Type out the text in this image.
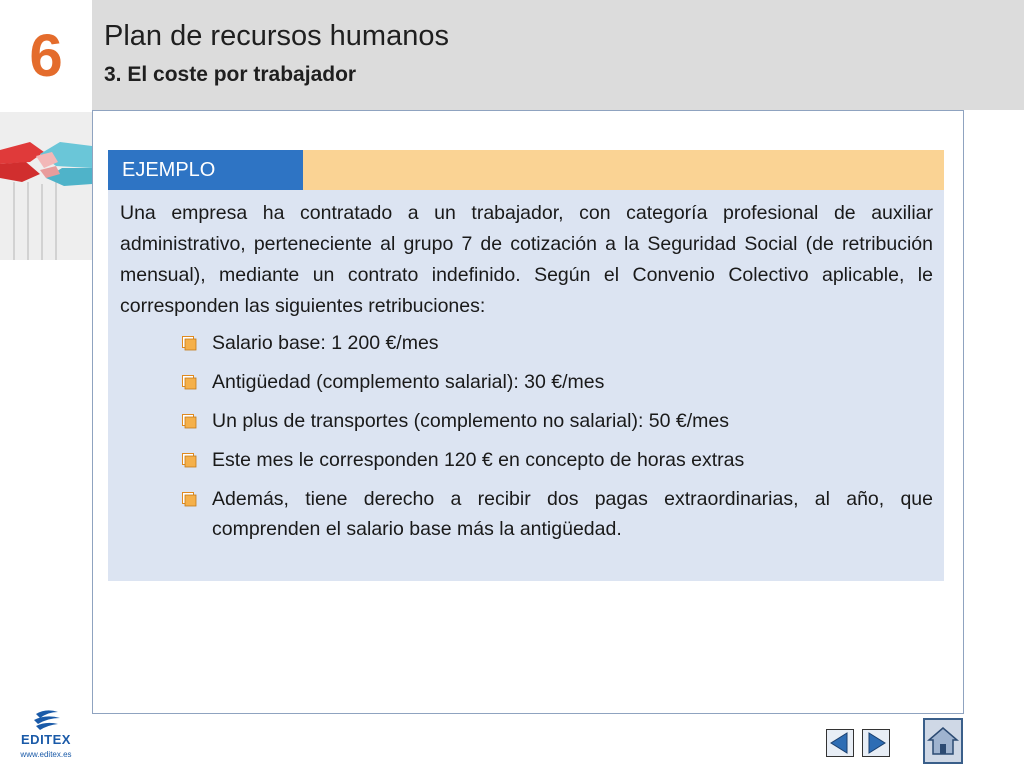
6	Plan de recursos humanos
3. El coste por trabajador
EJEMPLO
Una empresa ha contratado a un trabajador, con categoría profesional de auxiliar administrativo, perteneciente al grupo 7 de cotización a la Seguridad Social (de retribución mensual), mediante un contrato indefinido. Según el Convenio Colectivo aplicable, le corresponden las siguientes retribuciones:
Salario base: 1 200 €/mes
Antigüedad (complemento salarial): 30 €/mes
Un plus de transportes (complemento no salarial): 50 €/mes
Este mes le corresponden 120 € en concepto de horas extras
Además, tiene derecho a recibir dos pagas extraordinarias, al año, que comprenden el salario base más la antigüedad.
EDITEX
www.editex.es
